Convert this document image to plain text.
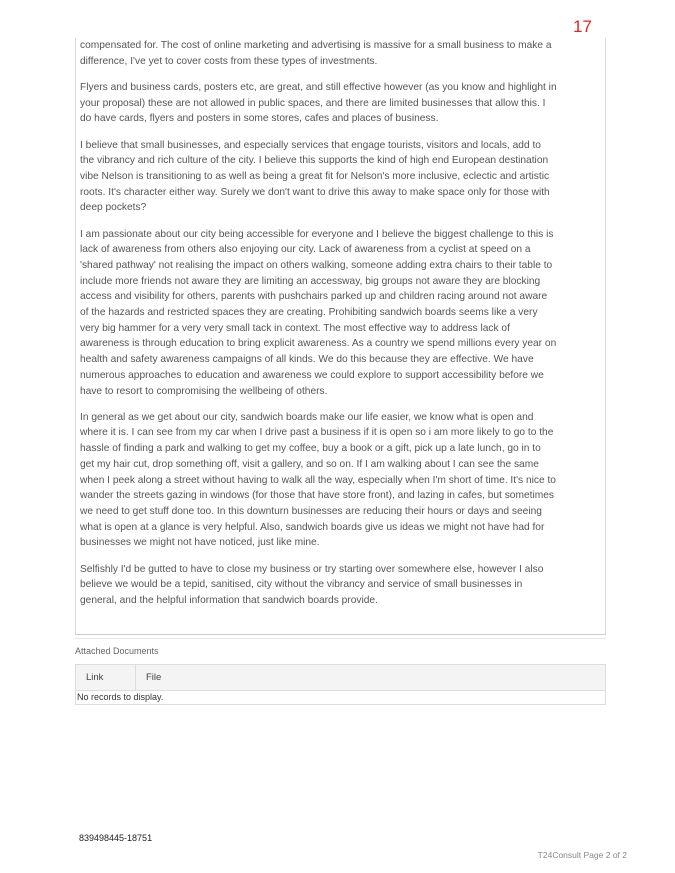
17

compensated for. The cost of online marketing and advertising is massive for a small business to make a difference, I've yet to cover costs from these types of investments.

Flyers and business cards, posters etc, are great, and still effective however (as you know and highlight in your proposal) these are not allowed in public spaces, and there are limited businesses that allow this. I do have cards, flyers and posters in some stores, cafes and places of business.

I believe that small businesses, and especially services that engage tourists, visitors and locals, add to the vibrancy and rich culture of the city. I believe this supports the kind of high end European destination vibe Nelson is transitioning to as well as being a great fit for Nelson's more inclusive, eclectic and artistic roots. It's character either way. Surely we don't want to drive this away to make space only for those with deep pockets?

I am passionate about our city being accessible for everyone and I believe the biggest challenge to this is lack of awareness from others also enjoying our city. Lack of awareness from a cyclist at speed on a 'shared pathway' not realising the impact on others walking, someone adding extra chairs to their table to include more friends not aware they are limiting an accessway, big groups not aware they are blocking access and visibility for others, parents with pushchairs parked up and children racing around not aware of the hazards and restricted spaces they are creating. Prohibiting sandwich boards seems like a very very big hammer for a very very small tack in context. The most effective way to address lack of awareness is through education to bring explicit awareness. As a country we spend millions every year on health and safety awareness campaigns of all kinds. We do this because they are effective. We have numerous approaches to education and awareness we could explore to support accessibility before we have to resort to compromising the wellbeing of others.

In general as we get about our city, sandwich boards make our life easier, we know what is open and where it is. I can see from my car when I drive past a business if it is open so i am more likely to go to the hassle of finding a park and walking to get my coffee, buy a book or a gift, pick up a late lunch, go in to get my hair cut, drop something off, visit a gallery, and so on. If I am walking about I can see the same when I peek along a street without having to walk all the way, especially when I'm short of time. It's nice to wander the streets gazing in windows (for those that have store front), and lazing in cafes, but sometimes we need to get stuff done too. In this downturn businesses are reducing their hours or days and seeing what is open at a glance is very helpful. Also, sandwich boards give us ideas we might not have had for businesses we might not have noticed, just like mine.

Selfishly I'd be gutted to have to close my business or try starting over somewhere else, however I also believe we would be a tepid, sanitised, city without the vibrancy and service of small businesses in general, and the helpful information that sandwich boards provide.

Attached Documents
Link	File
No records to display.
839498445-18751
T24Consult Page 2 of 2
